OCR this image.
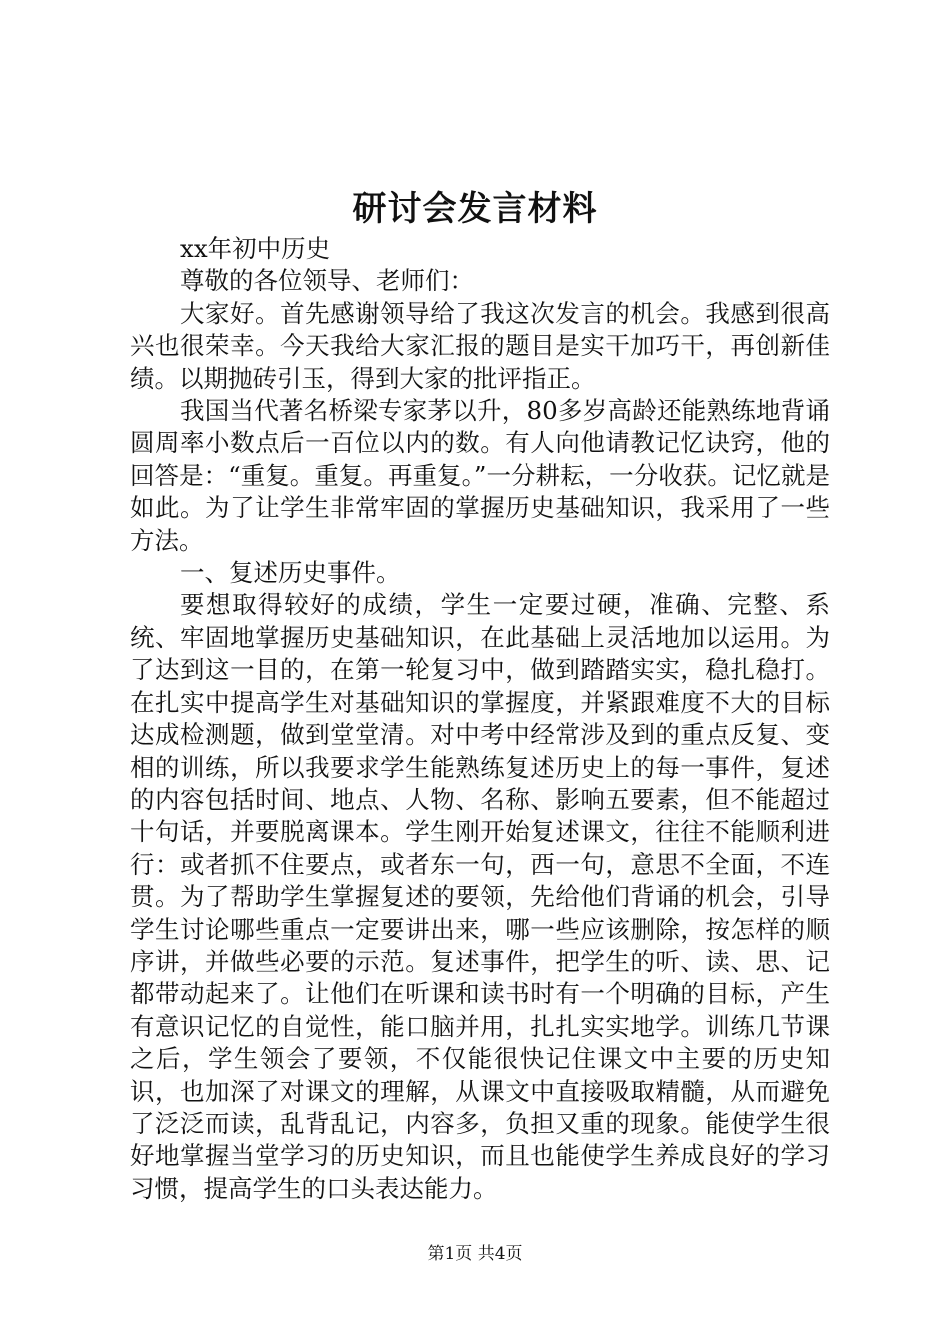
研讨会发言材料

xx年初中历史

尊敬的各位领导、老师们：

大家好。首先感谢领导给了我这次发言的机会。我感到很高兴也很荣幸。今天我给大家汇报的题目是实干加巧干，再创新佳绩。以期抛砖引玉，得到大家的批评指正。

我国当代著名桥梁专家茅以升，80多岁高龄还能熟练地背诵圆周率小数点后一百位以内的数。有人向他请教记忆诀窍，他的回答是：“重复。重复。再重复。”一分耕耘，一分收获。记忆就是如此。为了让学生非常牢固的掌握历史基础知识，我采用了一些方法。

一、复述历史事件。

要想取得较好的成绩，学生一定要过硬，准确、完整、系统、牢固地掌握历史基础知识，在此基础上灵活地加以运用。为了达到这一目的，在第一轮复习中，做到踏踏实实，稳扎稳打。在扎实中提高学生对基础知识的掌握度，并紧跟难度不大的目标达成检测题，做到堂堂清。对中考中经常涉及到的重点反复、变相的训练，所以我要求学生能熟练复述历史上的每一事件，复述的内容包括时间、地点、人物、名称、影响五要素，但不能超过十句话，并要脱离课本。学生刚开始复述课文，往往不能顺利进行：或者抓不住要点，或者东一句，西一句，意思不全面，不连贯。为了帮助学生掌握复述的要领，先给他们背诵的机会，引导学生讨论哪些重点一定要讲出来，哪一些应该删除，按怎样的顺序讲，并做些必要的示范。复述事件，把学生的听、读、思、记都带动起来了。让他们在听课和读书时有一个明确的目标，产生有意识记忆的自觉性，能口脑并用，扎扎实实地学。训练几节课之后，学生领会了要领，不仅能很快记住课文中主要的历史知识，也加深了对课文的理解，从课文中直接吸取精髓，从而避免了泛泛而读，乱背乱记，内容多，负担又重的现象。能使学生很好地掌握当堂学习的历史知识，而且也能使学生养成良好的学习习惯，提高学生的口头表达能力。

第1页 共4页
